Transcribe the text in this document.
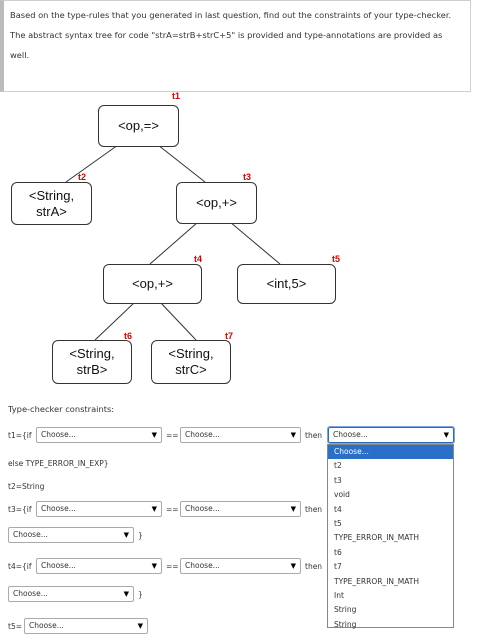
Based on the type-rules that you generated in last question, find out the constraints of your type-checker. The abstract syntax tree for code "strA=strB+strC+5" is provided and type-annotations are provided as well.
<op,=>
<String,
strA>
<op,+>
<op,+>	<int,5>
<String,
strB>
<String,
strC>
t1
t2	t3
t4	t5
t6	t7
Type-checker constraints:
t1={if	Choose...	▼ == Choose...	▼ then	Choose...	▼
else TYPE_ERROR_IN_EXP}
t2=String
t3={if	Choose...	▼ == Choose...	▼ then
Choose...	▼ }
t4={if	Choose...	▼ == Choose...	▼ then
Choose...	▼ }
t5= Choose...	▼
Choose...
t2
t3
void
t4
t5
TYPE_ERROR_IN_MATH
t6
t7
TYPE_ERROR_IN_MATH
Int
String
String
